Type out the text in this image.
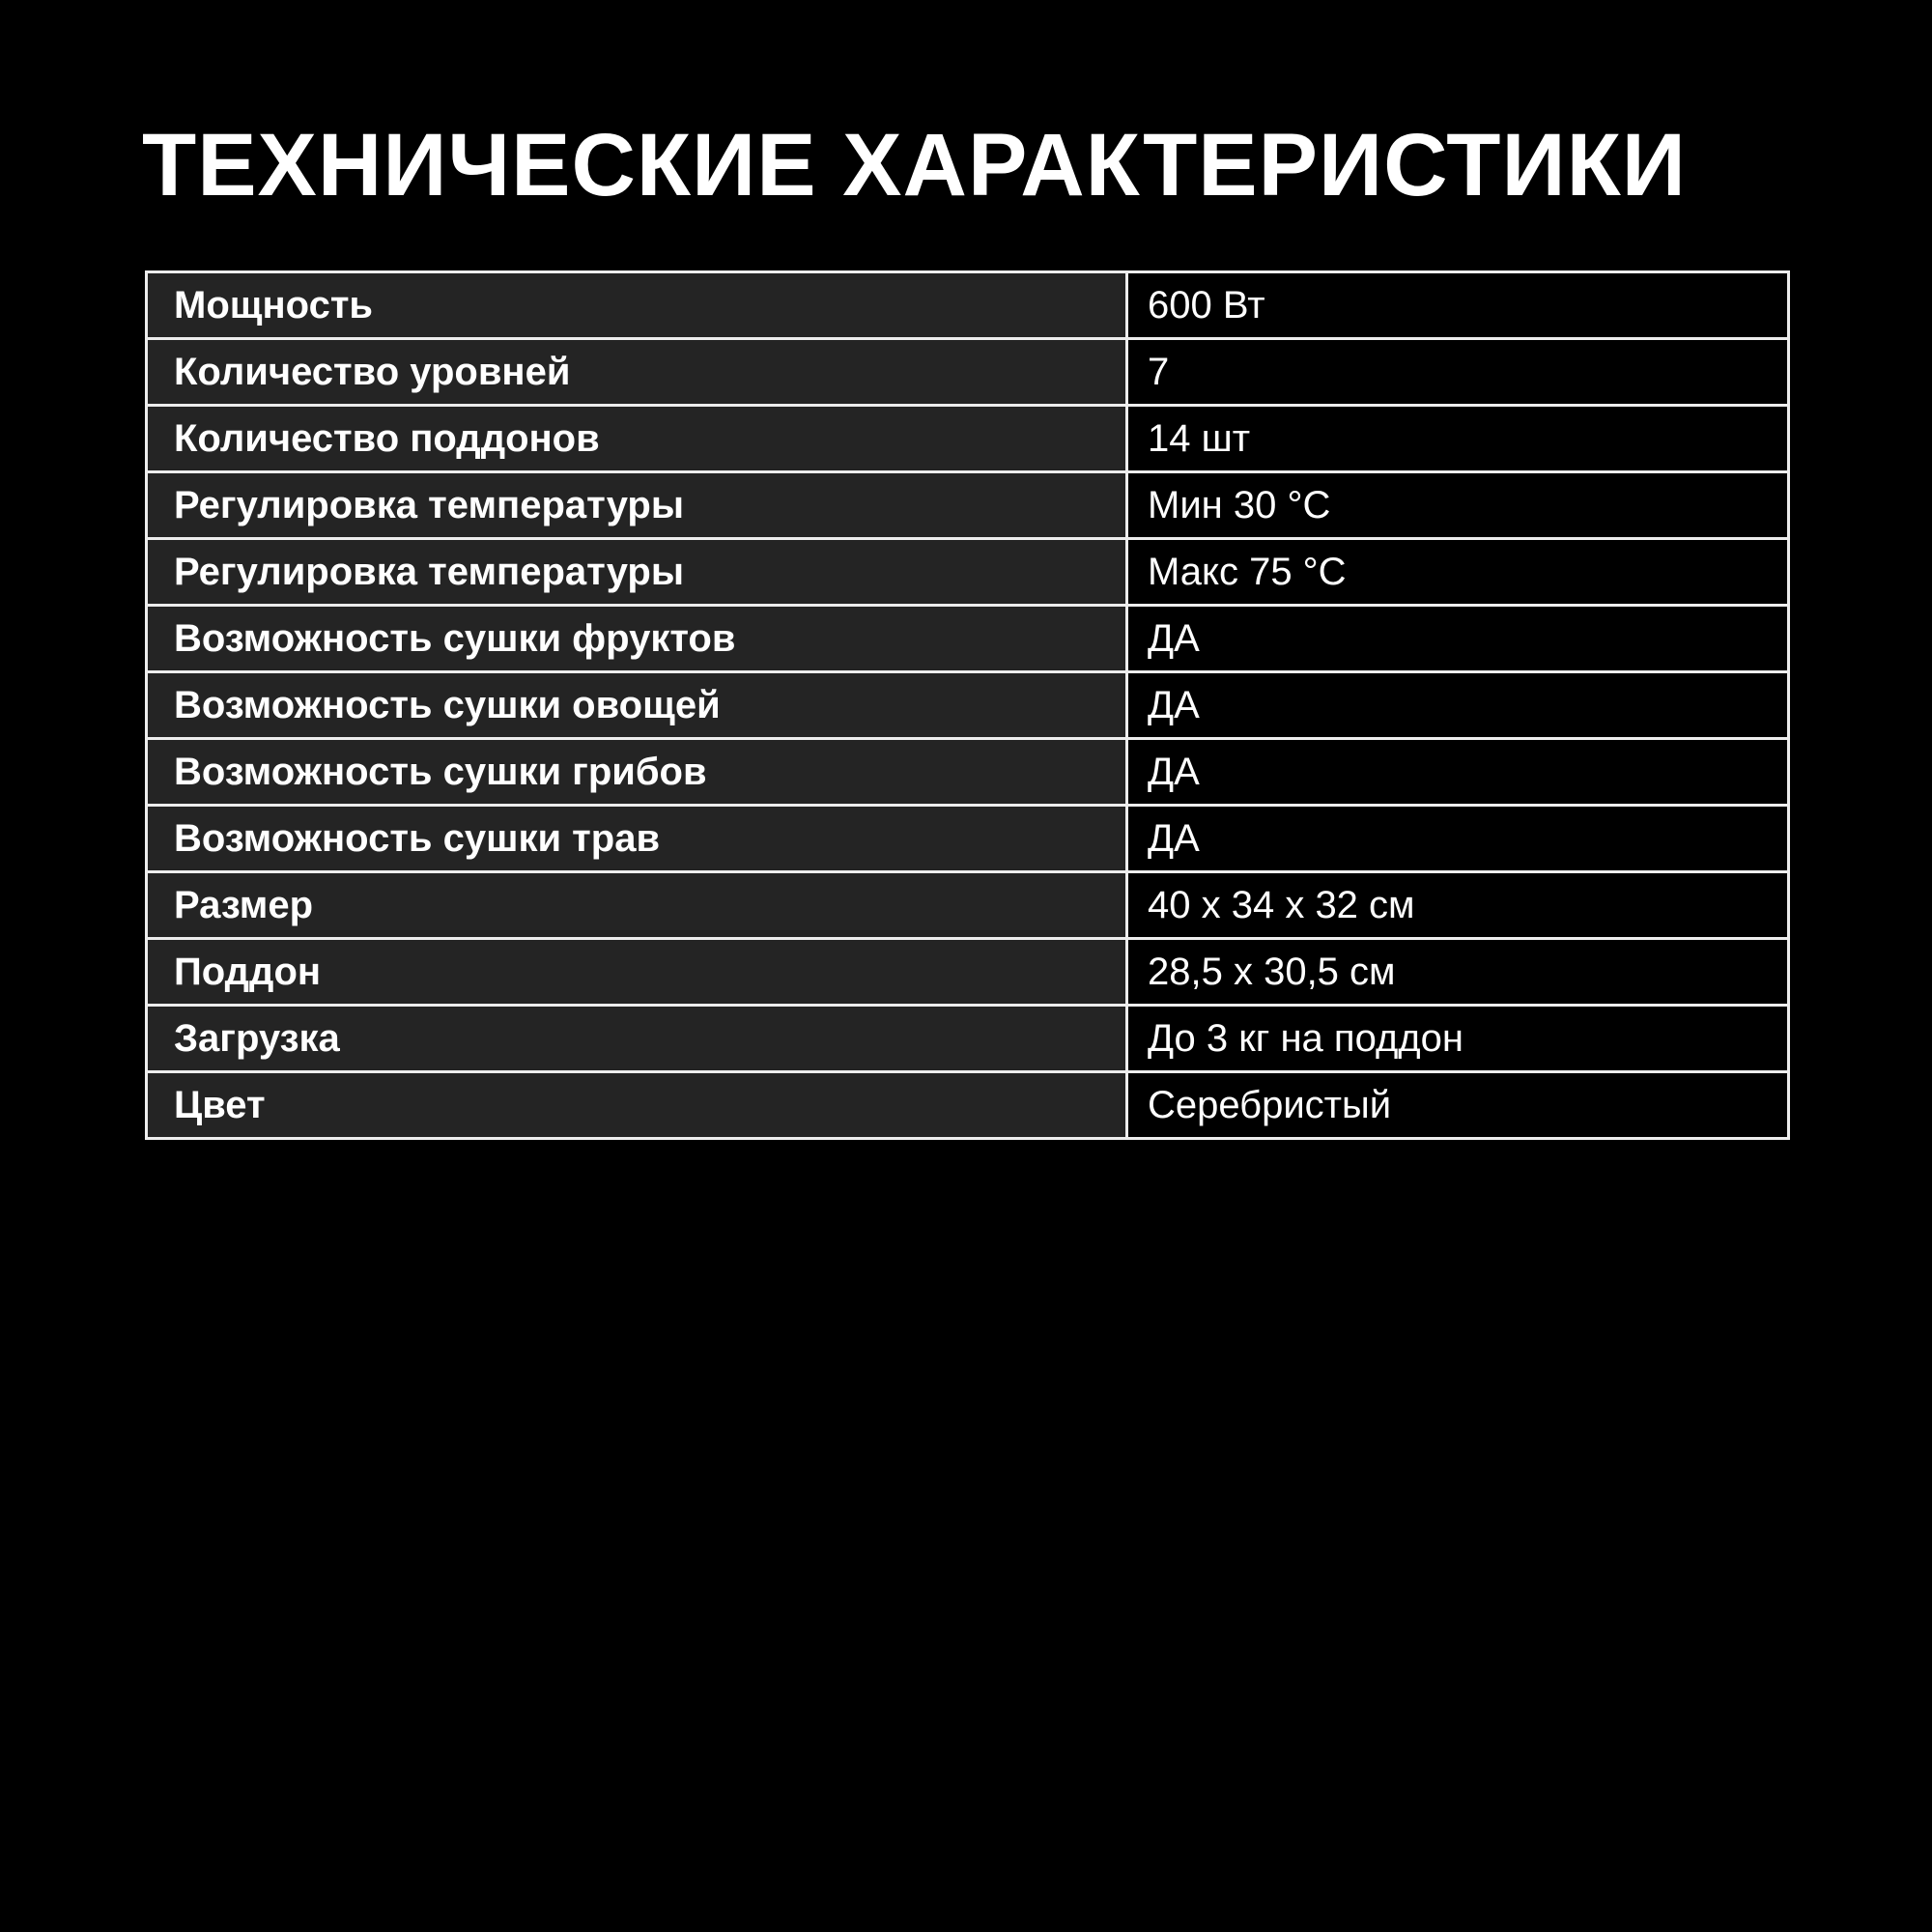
ТЕХНИЧЕСКИЕ ХАРАКТЕРИСТИКИ
Мощность	600 Вт
Количество уровней	7
Количество поддонов	14 шт
Регулировка температуры	Мин 30 °C
Регулировка температуры	Макс 75 °C
Возможность сушки фруктов	ДА
Возможность сушки овощей	ДА
Возможность сушки грибов	ДА
Возможность сушки трав	ДА
Размер	40 х 34 х 32 см
Поддон	28,5 х 30,5 см
Загрузка	До 3 кг на поддон
Цвет	Серебристый
